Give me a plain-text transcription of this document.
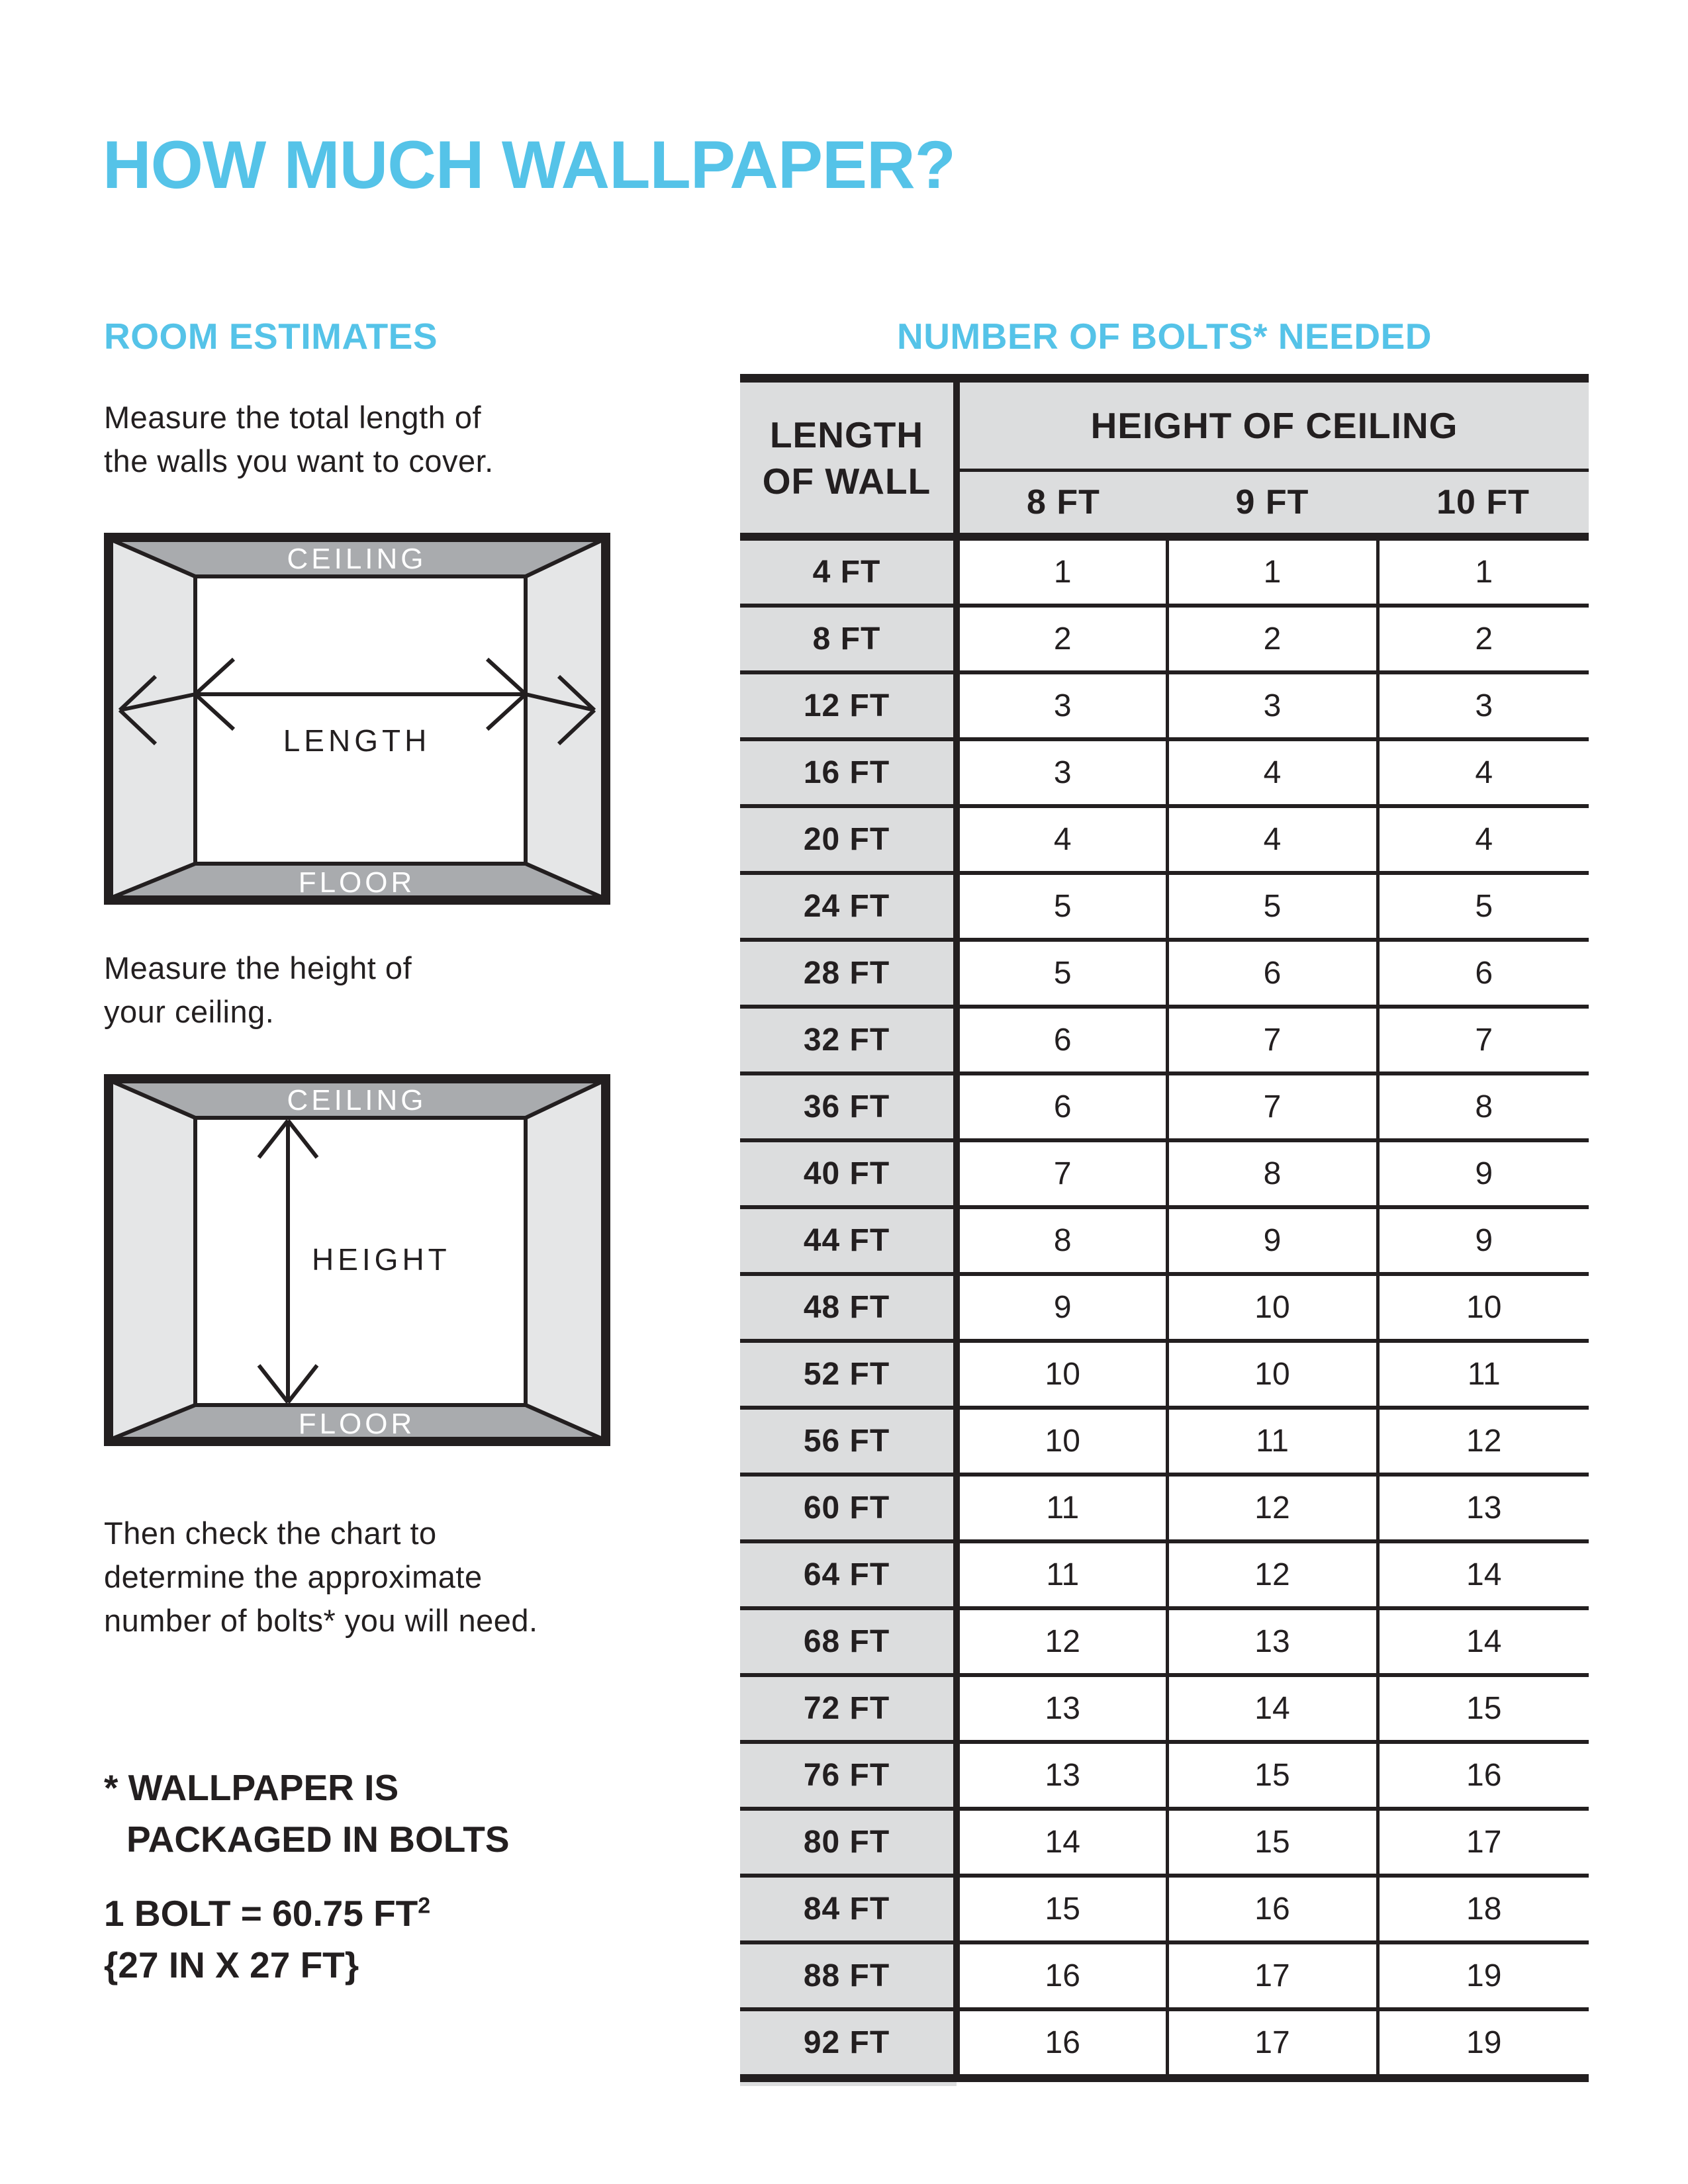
HOW MUCH WALLPAPER?
ROOM ESTIMATES	NUMBER OF BOLTS* NEEDED
Measure the total length of
the walls you want to cover.
CEILING
FLOOR
LENGTH
Measure the height of
your ceiling.
CEILING
FLOOR
HEIGHT
Then check the chart to
determine the approximate
number of bolts* you will need.
* WALLPAPER IS
PACKAGED IN BOLTS
1 BOLT = 60.75 $FT^2$
{27 IN X 27 FT}
LENGTH
OF WALL	HEIGHT OF CEILING		
	8 FT	9 FT	10 FT
4 FT	1	1	1
8 FT	2	2	2
12 FT	3	3	3
16 FT	3	4	4
20 FT	4	4	4
24 FT	5	5	5
28 FT	5	6	6
32 FT	6	7	7
36 FT	6	7	8
40 FT	7	8	9
44 FT	8	9	9
48 FT	9	10	10
52 FT	10	10	11
56 FT	10	11	12
60 FT	11	12	13
64 FT	11	12	14
68 FT	12	13	14
72 FT	13	14	15
76 FT	13	15	16
80 FT	14	15	17
84 FT	15	16	18
88 FT	16	17	19
92 FT	16	17	19
